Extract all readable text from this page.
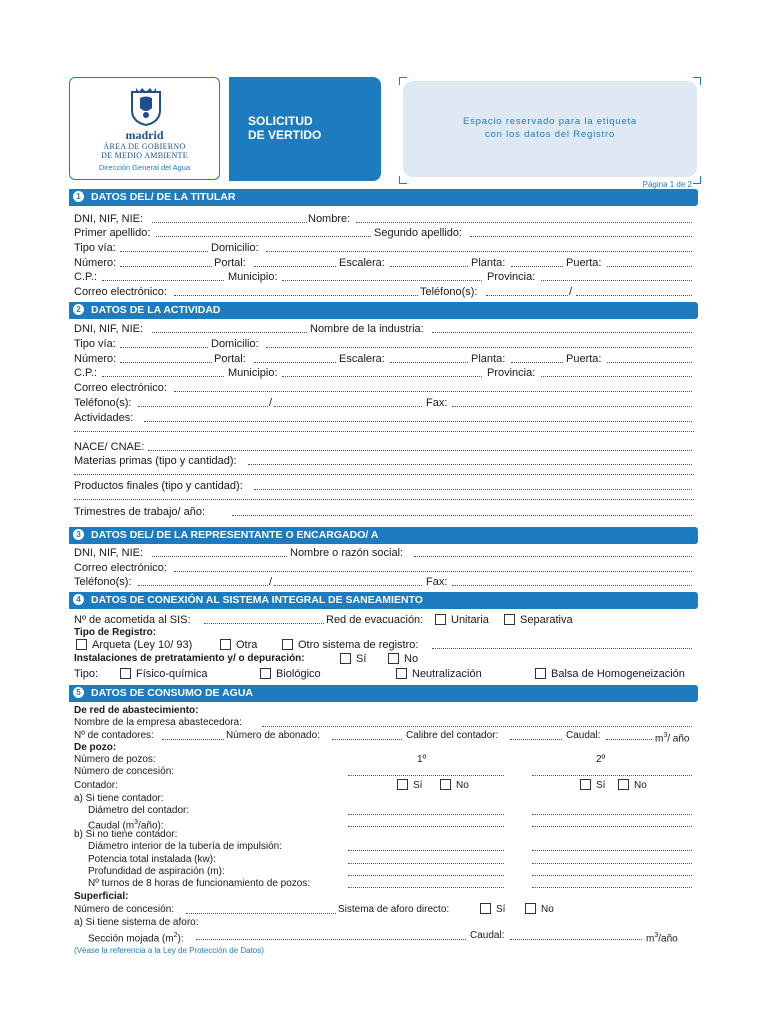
madrid
ÁREA DE GOBIERNO
DE MEDIO AMBIENTE
Dirección General del Agua
SOLICITUD
DE VERTIDO
Espacio reservado para la etiqueta
con los datos del Registro
Página 1 de 2
1 DATOS DEL/ DE LA TITULAR
DNI, NIF, NIE:	Nombre:
Primer apellido:	Segundo apellido:
Tipo vía:	Domicilio:
Número:	Portal:	Escalera:	Planta:	Puerta:
C.P.:	Municipio:	Provincia:
Correo electrónico:	Teléfono(s):	/
2 DATOS DE LA ACTIVIDAD
DNI, NIF, NIE:	Nombre de la industria:
Tipo vía:	Domicilio:
Número:	Portal:	Escalera:	Planta:	Puerta:
C.P.:	Municipio:	Provincia:
Correo electrónico:
Teléfono(s):	/	Fax:
Actividades:
NACE/ CNAE:
Materias primas (tipo y cantidad):
Productos finales (tipo y cantidad):
Trimestres de trabajo/ año:
3 DATOS DEL/ DE LA REPRESENTANTE O ENCARGADO/ A
DNI, NIF, NIE:	Nombre o razón social:
Correo electrónico:
Teléfono(s):	/	Fax:
4 DATOS DE CONEXIÓN AL SISTEMA INTEGRAL DE SANEAMIENTO
Nº de acometida al SIS:	Red de evacuación:	Unitaria	Separativa
Tipo de Registro:
Arqueta (Ley 10/ 93)	Otra	Otro sistema de registro:
Instalaciones de pretratamiento y/ o depuración:	Sí	No
Tipo:	Físico-química	Biológico	Neutralización	Balsa de Homogeneización
5 DATOS DE CONSUMO DE AGUA
De red de abastecimiento:
Nombre de la empresa abastecedora:
Nº de contadores:	Número de abonado:	Calibre del contador:	Caudal:	$m^3/$ año
De pozo:
Número de pozos:	1º	2º
Número de concesión:
Contador:	Sí	No	Sí	No
a) Si tiene contador:
Diámetro del contador:
Caudal $(m^3/año)$:
b) Si no tiene contador:
Diámetro interior de la tubería de impulsión:
Potencia total instalada (kw):
Profundidad de aspiración (m):
Nº turnos de 8 horas de funcionamiento de pozos:
Superficial:
Número de concesión:	Sistema de aforo directo:	Sí	No
a) Si tiene sistema de aforo:
Sección mojada $(m^2)$:	Caudal:	$m^3$/año
(Véase la referencia a la Ley de Protección de Datos)
